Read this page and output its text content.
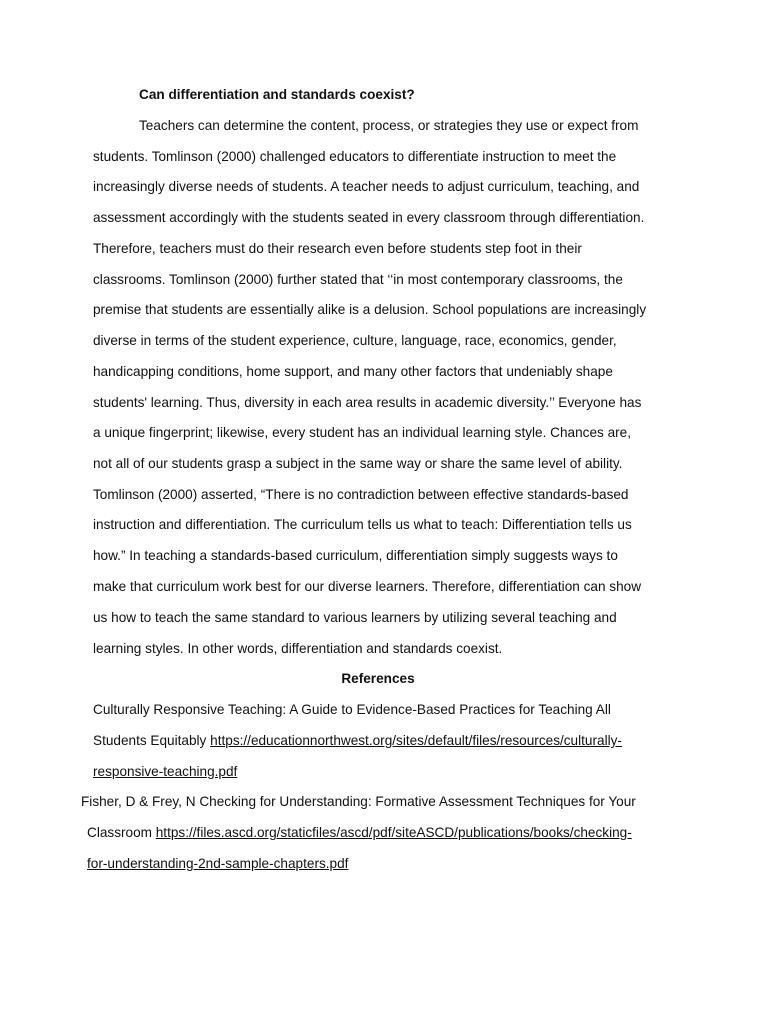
Can differentiation and standards coexist?
Teachers can determine the content, process, or strategies they use or expect from
students. Tomlinson (2000) challenged educators to differentiate instruction to meet the
increasingly diverse needs of students. A teacher needs to adjust curriculum, teaching, and
assessment accordingly with the students seated in every classroom through differentiation.
Therefore, teachers must do their research even before students step foot in their
classrooms. Tomlinson (2000) further stated that ‘‘in most contemporary classrooms, the
premise that students are essentially alike is a delusion. School populations are increasingly
diverse in terms of the student experience, culture, language, race, economics, gender,
handicapping conditions, home support, and many other factors that undeniably shape
students' learning. Thus, diversity in each area results in academic diversity.’’ Everyone has
a unique fingerprint; likewise, every student has an individual learning style. Chances are,
not all of our students grasp a subject in the same way or share the same level of ability.
Tomlinson (2000) asserted, “There is no contradiction between effective standards-based
instruction and differentiation. The curriculum tells us what to teach: Differentiation tells us
how.” In teaching a standards-based curriculum, differentiation simply suggests ways to
make that curriculum work best for our diverse learners. Therefore, differentiation can show
us how to teach the same standard to various learners by utilizing several teaching and
learning styles. In other words, differentiation and standards coexist.
References
Culturally Responsive Teaching: A Guide to Evidence-Based Practices for Teaching All
Students Equitably https://educationnorthwest.org/sites/default/files/resources/culturally-
responsive-teaching.pdf
Fisher, D & Frey, N Checking for Understanding: Formative Assessment Techniques for Your
Classroom https://files.ascd.org/staticfiles/ascd/pdf/siteASCD/publications/books/checking-
for-understanding-2nd-sample-chapters.pdf
